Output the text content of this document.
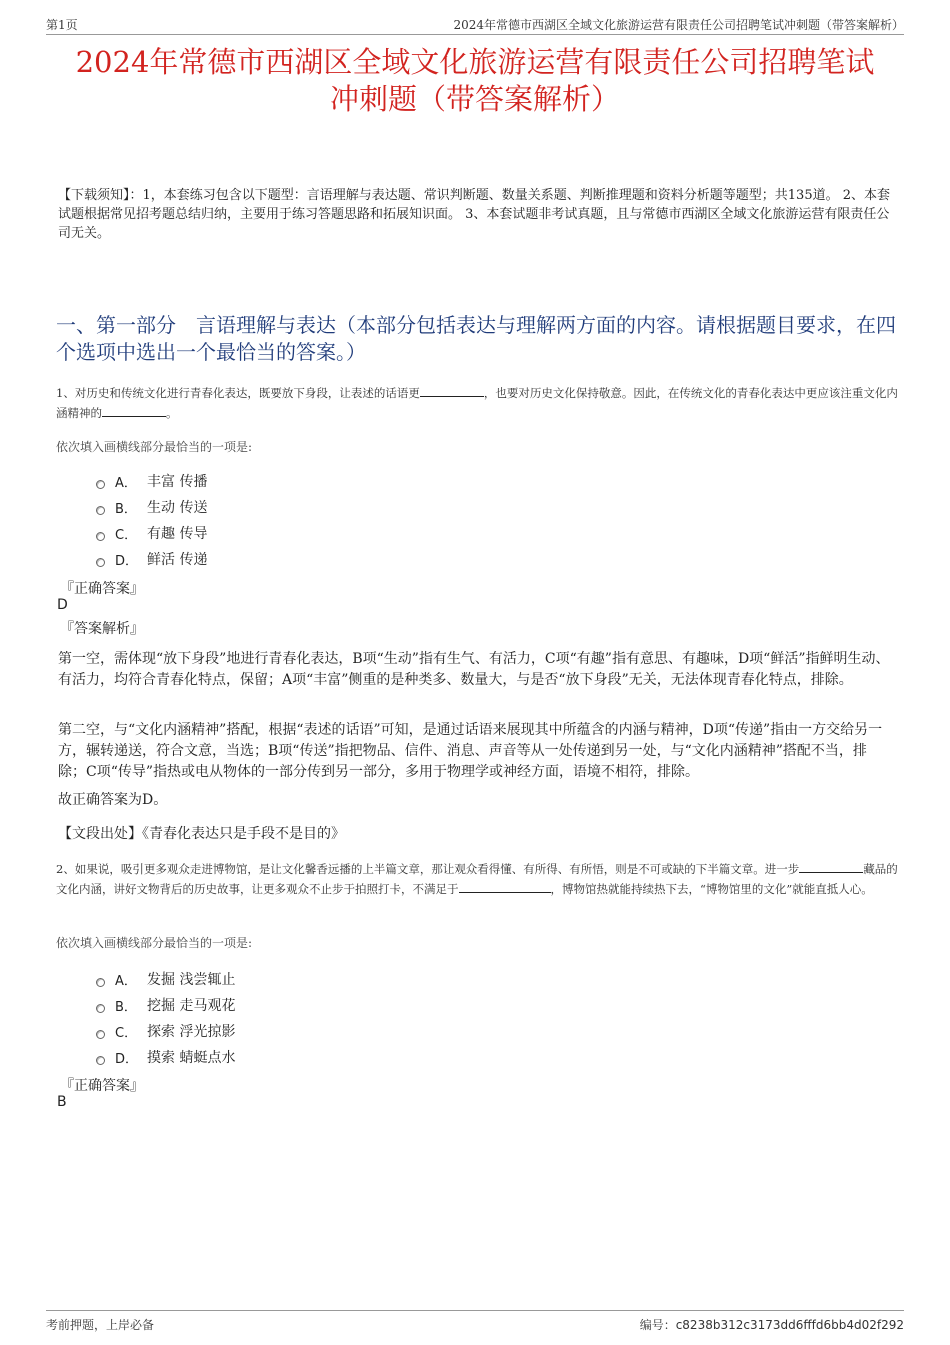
第1页	2024年常德市西湖区全域文化旅游运营有限责任公司招聘笔试冲刺题（带答案解析）
2024年常德市西湖区全域文化旅游运营有限责任公司招聘笔试
冲刺题（带答案解析）
【下载须知】：1，本套练习包含以下题型：言语理解与表达题、常识判断题、数量关系题、判断推理题和资料分析题等题型；共135道。 2、本套试题根据常见招考题总结归纳，主要用于练习答题思路和拓展知识面。 3、本套试题非考试真题，且与常德市西湖区全域文化旅游运营有限责任公司无关。
一、第一部分　言语理解与表达（本部分包括表达与理解两方面的内容。请根据题目要求，在四个选项中选出一个最恰当的答案。）
1、对历史和传统文化进行青春化表达，既要放下身段，让表述的话语更	，也要对历史文化保持敬意。因此，在传统文化的青春化表达中更应该注重文化内涵精神的	。
依次填入画横线部分最恰当的一项是:
A． 丰富 传播
B． 生动 传送
C． 有趣 传导
D． 鲜活 传递
『正确答案』
D
『答案解析』
第一空，需体现“放下身段”地进行青春化表达，B项“生动”指有生气、有活力，C项“有趣”指有意思、有趣味，D项“鲜活”指鲜明生动、有活力，均符合青春化特点，保留；A项“丰富”侧重的是种类多、数量大，与是否“放下身段”无关，无法体现青春化特点，排除。
第二空，与“文化内涵精神”搭配，根据“表述的话语”可知，是通过话语来展现其中所蕴含的内涵与精神，D项“传递”指由一方交给另一方，辗转递送，符合文意，当选；B项“传送”指把物品、信件、消息、声音等从一处传递到另一处，与“文化内涵精神”搭配不当，排除；C项“传导”指热或电从物体的一部分传到另一部分，多用于物理学或神经方面，语境不相符，排除。
故正确答案为D。
【文段出处】《青春化表达只是手段不是目的》
2、如果说，吸引更多观众走进博物馆，是让文化馨香远播的上半篇文章，那让观众看得懂、有所得、有所悟，则是不可或缺的下半篇文章。进一步	藏品的文化内涵，讲好文物背后的历史故事，让更多观众不止步于拍照打卡，不满足于	，博物馆热就能持续热下去，“博物馆里的文化”就能直抵人心。
依次填入画横线部分最恰当的一项是:
A． 发掘 浅尝辄止
B． 挖掘 走马观花
C． 探索 浮光掠影
D． 摸索 蜻蜓点水
『正确答案』
B
考前押题，上岸必备	编号：c8238b312c3173dd6fffd6bb4d02f292
